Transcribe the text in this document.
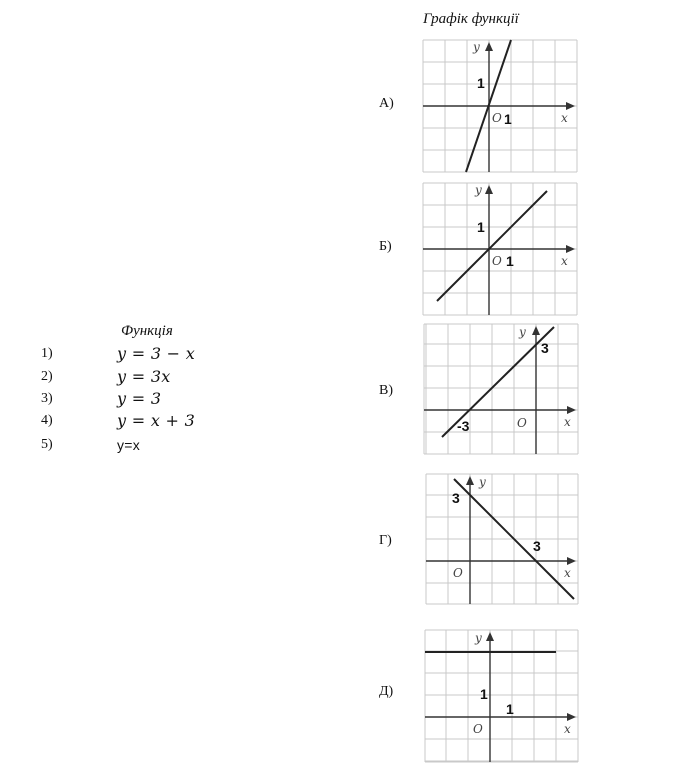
Функція
1)	y = 3 − x
2)	y = 3x
3)	y = 3
4)	y = x + 3
5)	y=x
Графік функції
А)
Б)
В)
Г)
Д)
x
y
O
1
1
x
y
O
1
1
x
y
O
3
-3
x
y
O
3
3
x
y
O
1
1
